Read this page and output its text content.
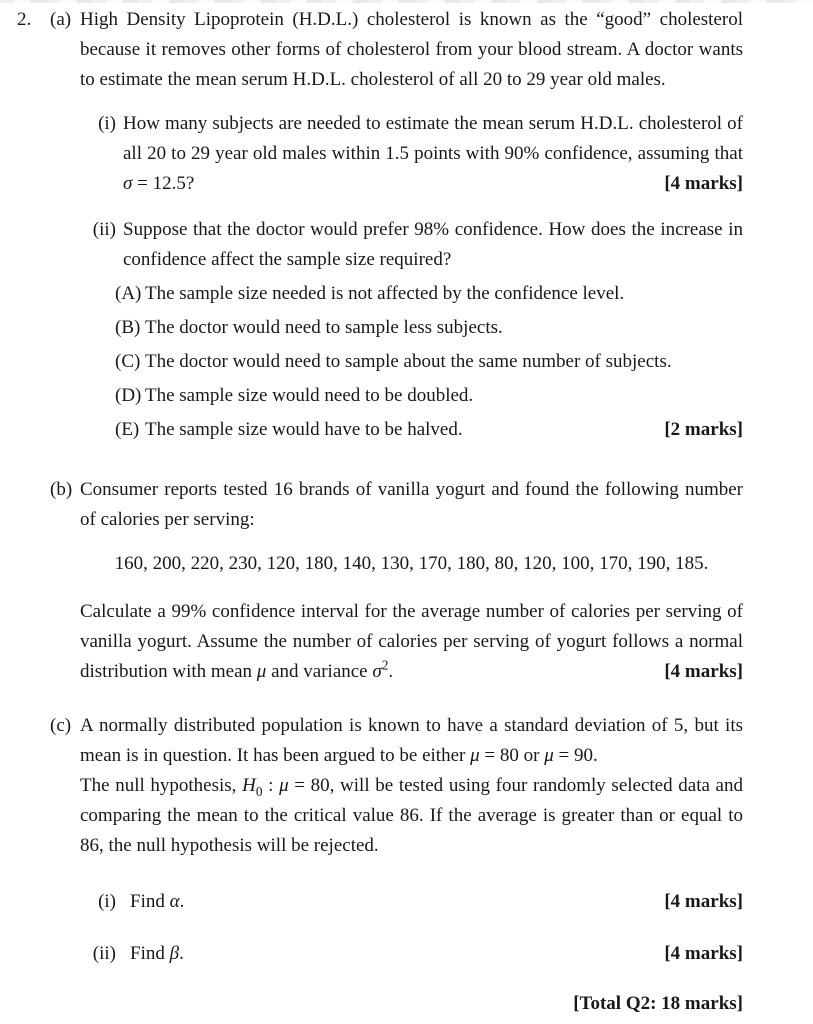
2. (a) High Density Lipoprotein (H.D.L.) cholesterol is known as the “good” cholesterol because it removes other forms of cholesterol from your blood stream. A doctor wants to estimate the mean serum H.D.L. cholesterol of all 20 to 29 year old males.

(i) How many subjects are needed to estimate the mean serum H.D.L. cholesterol of all 20 to 29 year old males within 1.5 points with 90% confidence, assuming that σ = 12.5?	[4 marks]
(ii) Suppose that the doctor would prefer 98% confidence. How does the increase in confidence affect the sample size required?

(A) The sample size needed is not affected by the confidence level.
(B) The doctor would need to sample less subjects.
(C) The doctor would need to sample about the same number of subjects.
(D) The sample size would need to be doubled.
(E) The sample size would have to be halved.	[2 marks]
(b) Consumer reports tested 16 brands of vanilla yogurt and found the following number of calories per serving:

160, 200, 220, 230, 120, 180, 140, 130, 170, 180, 80, 120, 100, 170, 190, 185.

Calculate a 99% confidence interval for the average number of calories per serving of vanilla yogurt. Assume the number of calories per serving of yogurt follows a normal distribution with mean μ and variance $\sigma^2$.	[4 marks]
(c) A normally distributed population is known to have a standard deviation of 5, but its mean is in question. It has been argued to be either μ = 80 or μ = 90.

The null hypothesis, $H_0$ : μ = 80, will be tested using four randomly selected data and comparing the mean to the critical value 86. If the average is greater than or equal to 86, the null hypothesis will be rejected.

(i) Find α.	[4 marks]
(ii) Find β.	[4 marks]
[Total Q2: 18 marks]
